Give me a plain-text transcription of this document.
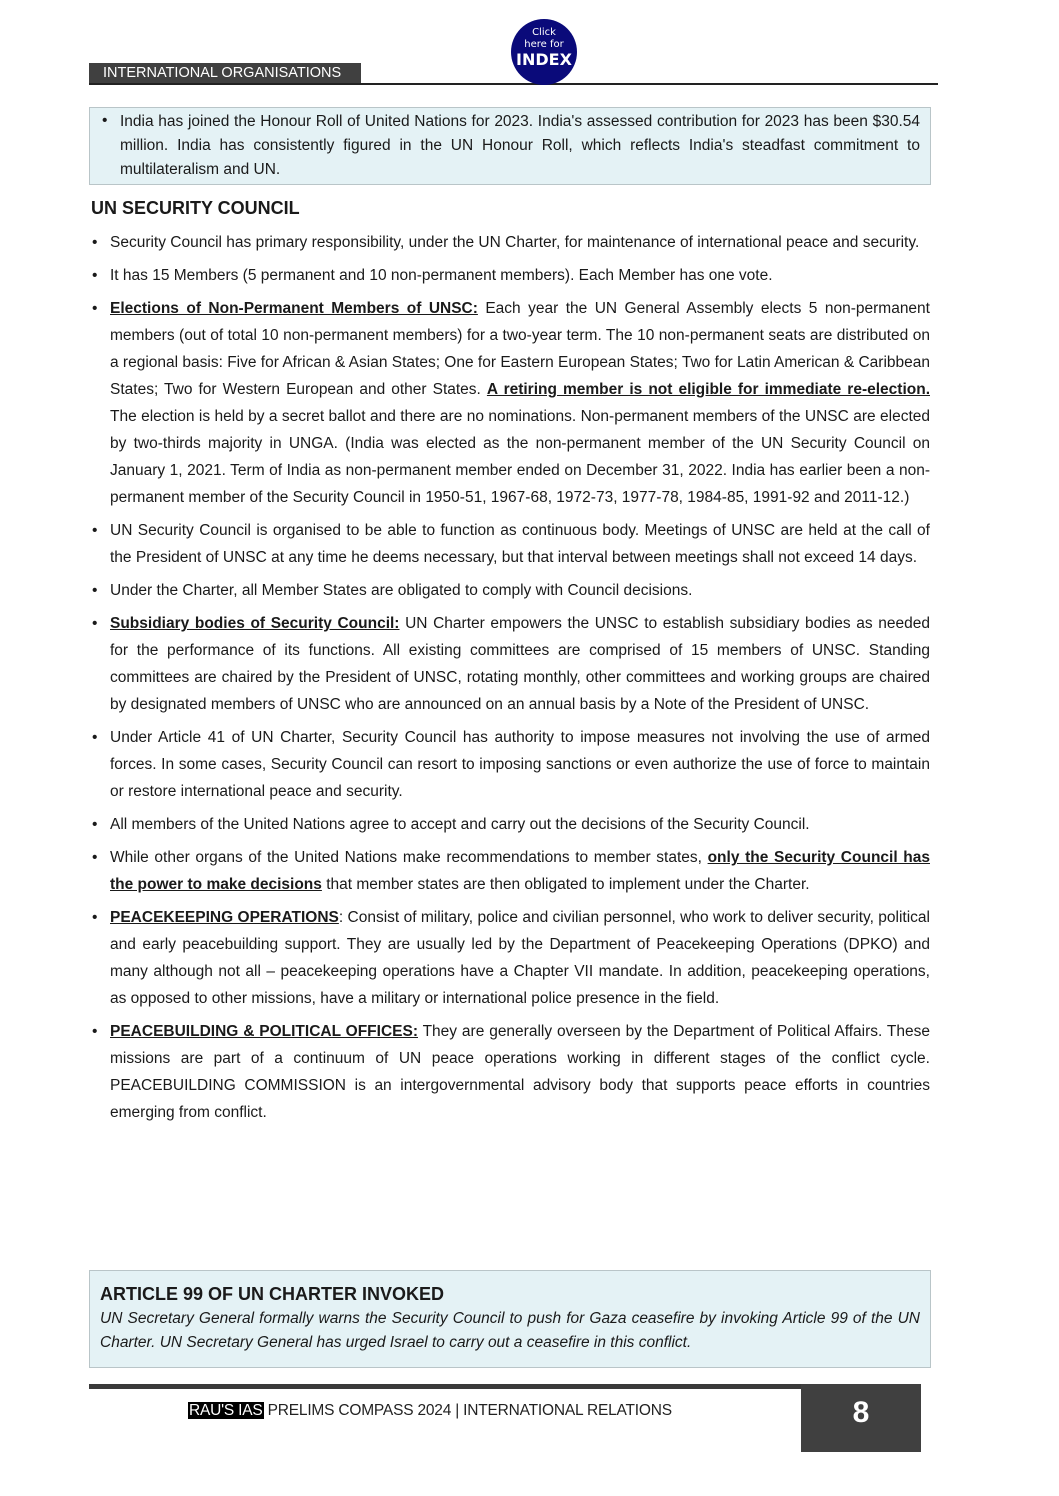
INTERNATIONAL ORGANISATIONS
Click
here for
INDEX
• India has joined the Honour Roll of United Nations for 2023. India's assessed contribution for 2023 has been $30.54 million. India has consistently figured in the UN Honour Roll, which reflects India's steadfast commitment to multilateralism and UN.
UN SECURITY COUNCIL
• Security Council has primary responsibility, under the UN Charter, for maintenance of international peace and security.
• It has 15 Members (5 permanent and 10 non-permanent members). Each Member has one vote.
• Elections of Non-Permanent Members of UNSC: Each year the UN General Assembly elects 5 non-permanent members (out of total 10 non-permanent members) for a two-year term. The 10 non-permanent seats are distributed on a regional basis: Five for African & Asian States; One for Eastern European States; Two for Latin American & Caribbean States; Two for Western European and other States. A retiring member is not eligible for immediate re-election. The election is held by a secret ballot and there are no nominations. Non-permanent members of the UNSC are elected by two-thirds majority in UNGA. (India was elected as the non-permanent member of the UN Security Council on January 1, 2021. Term of India as non-permanent member ended on December 31, 2022. India has earlier been a non-permanent member of the Security Council in 1950-51, 1967-68, 1972-73, 1977-78, 1984-85, 1991-92 and 2011-12.)
• UN Security Council is organised to be able to function as continuous body. Meetings of UNSC are held at the call of the President of UNSC at any time he deems necessary, but that interval between meetings shall not exceed 14 days.
• Under the Charter, all Member States are obligated to comply with Council decisions.
• Subsidiary bodies of Security Council: UN Charter empowers the UNSC to establish subsidiary bodies as needed for the performance of its functions. All existing committees are comprised of 15 members of UNSC. Standing committees are chaired by the President of UNSC, rotating monthly, other committees and working groups are chaired by designated members of UNSC who are announced on an annual basis by a Note of the President of UNSC.
• Under Article 41 of UN Charter, Security Council has authority to impose measures not involving the use of armed forces. In some cases, Security Council can resort to imposing sanctions or even authorize the use of force to maintain or restore international peace and security.
• All members of the United Nations agree to accept and carry out the decisions of the Security Council.
• While other organs of the United Nations make recommendations to member states, only the Security Council has the power to make decisions that member states are then obligated to implement under the Charter.
• PEACEKEEPING OPERATIONS: Consist of military, police and civilian personnel, who work to deliver security, political and early peacebuilding support. They are usually led by the Department of Peacekeeping Operations (DPKO) and many although not all – peacekeeping operations have a Chapter VII mandate. In addition, peacekeeping operations, as opposed to other missions, have a military or international police presence in the field.
• PEACEBUILDING & POLITICAL OFFICES: They are generally overseen by the Department of Political Affairs. These missions are part of a continuum of UN peace operations working in different stages of the conflict cycle. PEACEBUILDING COMMISSION is an intergovernmental advisory body that supports peace efforts in countries emerging from conflict.
ARTICLE 99 OF UN CHARTER INVOKED
UN Secretary General formally warns the Security Council to push for Gaza ceasefire by invoking Article 99 of the UN Charter. UN Secretary General has urged Israel to carry out a ceasefire in this conflict.
RAU'S IAS PRELIMS COMPASS 2024 | INTERNATIONAL RELATIONS	8
